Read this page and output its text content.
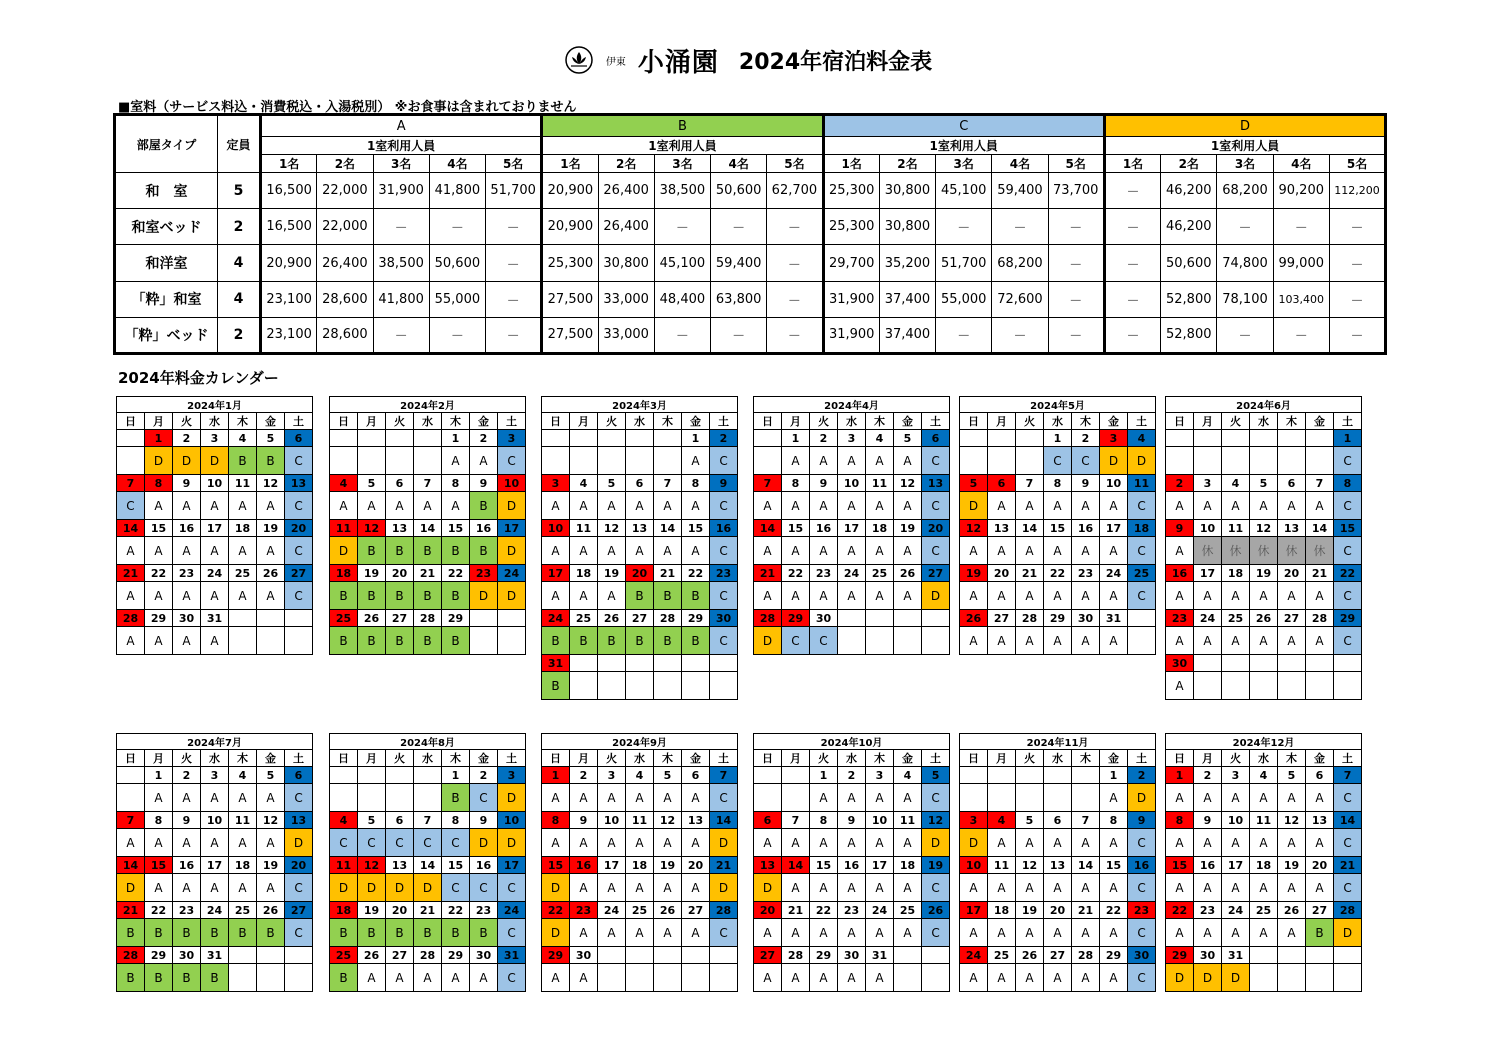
伊東 小涌園 2024年宿泊料金表
■室料（サービス料込・消費税込・入湯税別） ※お食事は含まれておりません
部屋タイプ	定員	A					B					C					D				
		1室利用人員					1室利用人員					1室利用人員					1室利用人員				
		1名	2名	3名	4名	5名	1名	2名	3名	4名	5名	1名	2名	3名	4名	5名	1名	2名	3名	4名	5名
和　室	5	16,500	22,000	31,900	41,800	51,700	20,900	26,400	38,500	50,600	62,700	25,300	30,800	45,100	59,400	73,700	－	46,200	68,200	90,200	112,200
和室ベッド	2	16,500	22,000	－	－	－	20,900	26,400	－	－	－	25,300	30,800	－	－	－	－	46,200	－	－	－
和洋室	4	20,900	26,400	38,500	50,600	－	25,300	30,800	45,100	59,400	－	29,700	35,200	51,700	68,200	－	－	50,600	74,800	99,000	－
「粋」和室	4	23,100	28,600	41,800	55,000	－	27,500	33,000	48,400	63,800	－	31,900	37,400	55,000	72,600	－	－	52,800	78,100	103,400	－
「粋」ベッド	2	23,100	28,600	－	－	－	27,500	33,000	－	－	－	31,900	37,400	－	－	－	－	52,800	－	－	－
2024年料金カレンダー
2024年1月						
日	月	火	水	木	金	土
	1	2	3	4	5	6
	D	D	D	B	B	C
7	8	9	10	11	12	13
C	A	A	A	A	A	C
14	15	16	17	18	19	20
A	A	A	A	A	A	C
21	22	23	24	25	26	27
A	A	A	A	A	A	C
28	29	30	31			
A	A	A	A			
2024年2月						
日	月	火	水	木	金	土
				1	2	3
				A	A	C
4	5	6	7	8	9	10
A	A	A	A	A	B	D
11	12	13	14	15	16	17
D	B	B	B	B	B	D
18	19	20	21	22	23	24
B	B	B	B	B	D	D
25	26	27	28	29		
B	B	B	B	B		
2024年3月						
日	月	火	水	木	金	土
					1	2
					A	C
3	4	5	6	7	8	9
A	A	A	A	A	A	C
10	11	12	13	14	15	16
A	A	A	A	A	A	C
17	18	19	20	21	22	23
A	A	A	B	B	B	C
24	25	26	27	28	29	30
B	B	B	B	B	B	C
31						
B						
2024年4月						
日	月	火	水	木	金	土
	1	2	3	4	5	6
	A	A	A	A	A	C
7	8	9	10	11	12	13
A	A	A	A	A	A	C
14	15	16	17	18	19	20
A	A	A	A	A	A	C
21	22	23	24	25	26	27
A	A	A	A	A	A	D
28	29	30				
D	C	C				
2024年5月						
日	月	火	水	木	金	土
			1	2	3	4
			C	C	D	D
5	6	7	8	9	10	11
D	A	A	A	A	A	C
12	13	14	15	16	17	18
A	A	A	A	A	A	C
19	20	21	22	23	24	25
A	A	A	A	A	A	C
26	27	28	29	30	31	
A	A	A	A	A	A	
2024年6月						
日	月	火	水	木	金	土
						1
						C
2	3	4	5	6	7	8
A	A	A	A	A	A	C
9	10	11	12	13	14	15
A	休	休	休	休	休	C
16	17	18	19	20	21	22
A	A	A	A	A	A	C
23	24	25	26	27	28	29
A	A	A	A	A	A	C
30						
A						
2024年7月						
日	月	火	水	木	金	土
	1	2	3	4	5	6
	A	A	A	A	A	C
7	8	9	10	11	12	13
A	A	A	A	A	A	D
14	15	16	17	18	19	20
D	A	A	A	A	A	C
21	22	23	24	25	26	27
B	B	B	B	B	B	C
28	29	30	31			
B	B	B	B			
2024年8月						
日	月	火	水	木	金	土
				1	2	3
				B	C	D
4	5	6	7	8	9	10
C	C	C	C	C	D	D
11	12	13	14	15	16	17
D	D	D	D	C	C	C
18	19	20	21	22	23	24
B	B	B	B	B	B	C
25	26	27	28	29	30	31
B	A	A	A	A	A	C
2024年9月						
日	月	火	水	木	金	土
1	2	3	4	5	6	7
A	A	A	A	A	A	C
8	9	10	11	12	13	14
A	A	A	A	A	A	D
15	16	17	18	19	20	21
D	A	A	A	A	A	D
22	23	24	25	26	27	28
D	A	A	A	A	A	C
29	30					
A	A					
2024年10月						
日	月	火	水	木	金	土
		1	2	3	4	5
		A	A	A	A	C
6	7	8	9	10	11	12
A	A	A	A	A	A	D
13	14	15	16	17	18	19
D	A	A	A	A	A	C
20	21	22	23	24	25	26
A	A	A	A	A	A	C
27	28	29	30	31		
A	A	A	A	A		
2024年11月						
日	月	火	水	木	金	土
					1	2
					A	D
3	4	5	6	7	8	9
D	A	A	A	A	A	C
10	11	12	13	14	15	16
A	A	A	A	A	A	C
17	18	19	20	21	22	23
A	A	A	A	A	A	C
24	25	26	27	28	29	30
A	A	A	A	A	A	C
2024年12月						
日	月	火	水	木	金	土
1	2	3	4	5	6	7
A	A	A	A	A	A	C
8	9	10	11	12	13	14
A	A	A	A	A	A	C
15	16	17	18	19	20	21
A	A	A	A	A	A	C
22	23	24	25	26	27	28
A	A	A	A	A	B	D
29	30	31				
D	D	D				
